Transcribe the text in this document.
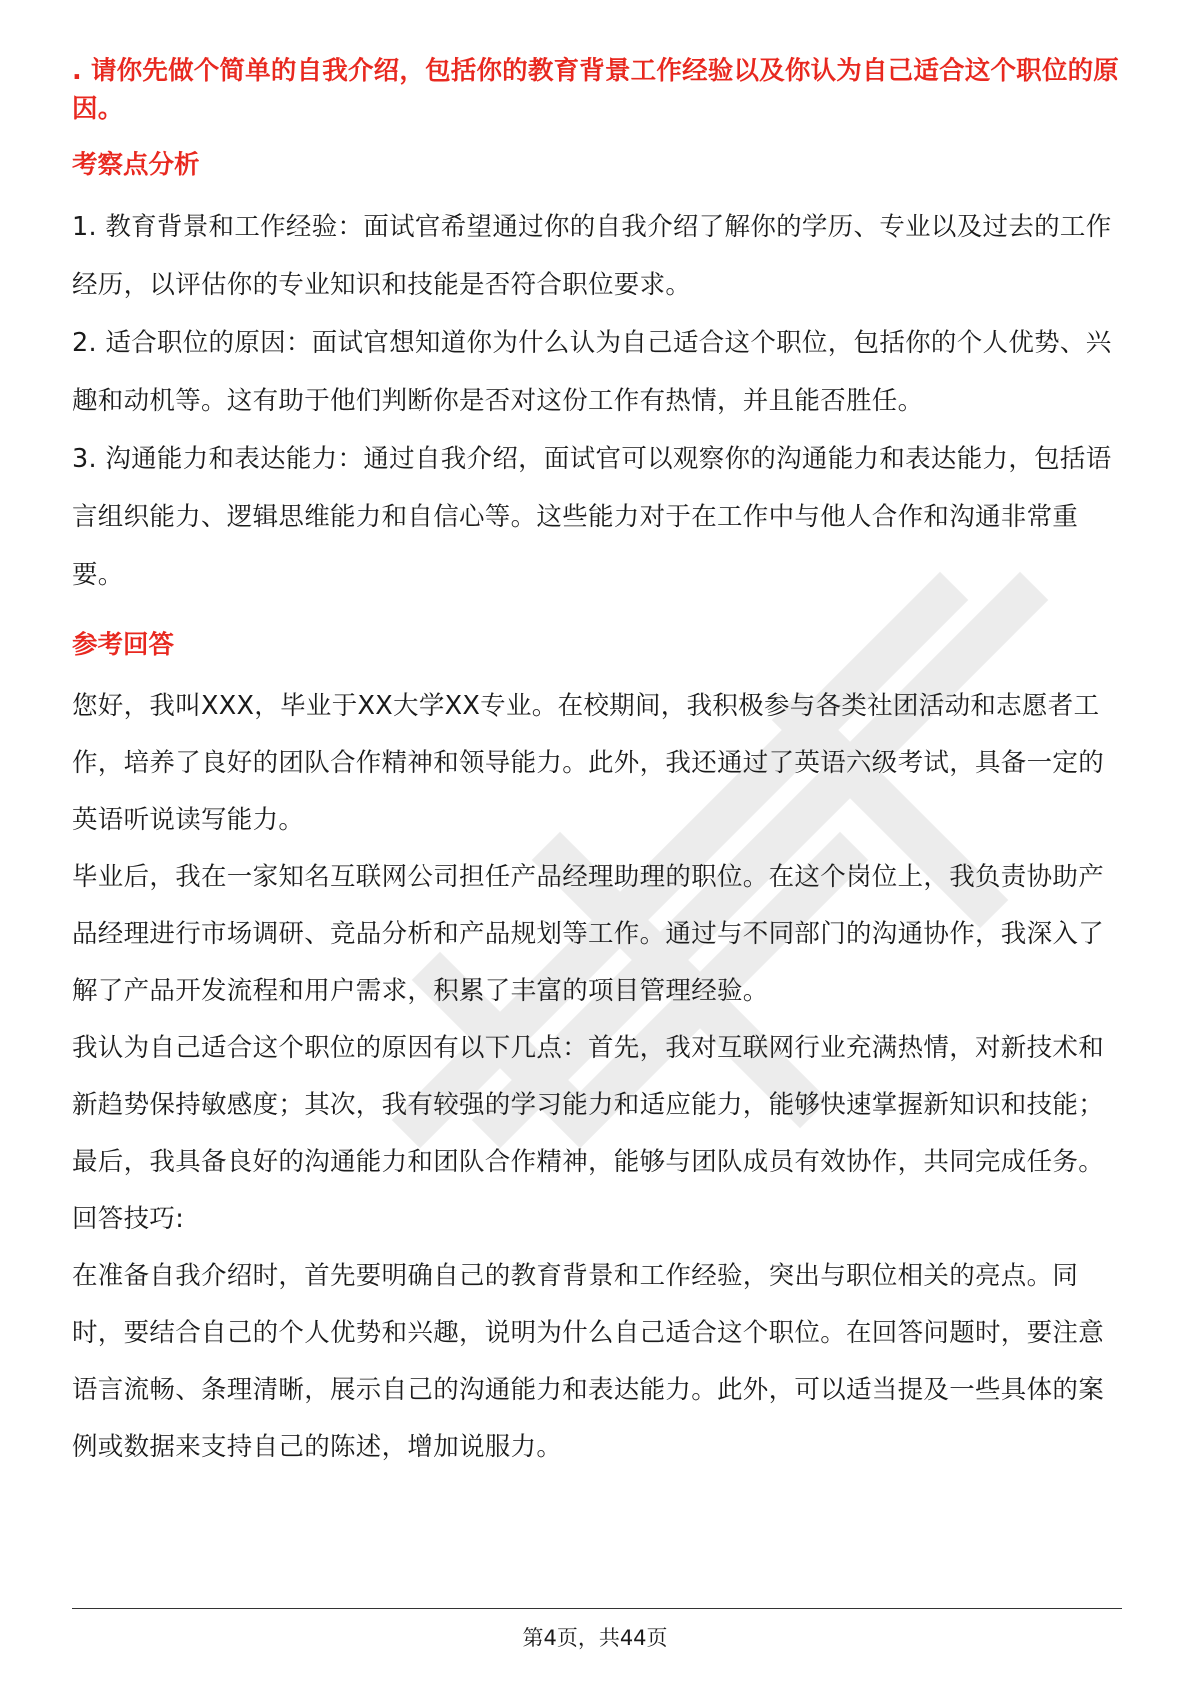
. 请你先做个简单的自我介绍，包括你的教育背景工作经验以及你认为自己适合这个职位的原因。

考察点分析

1. 教育背景和工作经验：面试官希望通过你的自我介绍了解你的学历、专业以及过去的工作经历，以评估你的专业知识和技能是否符合职位要求。

2. 适合职位的原因：面试官想知道你为什么认为自己适合这个职位，包括你的个人优势、兴趣和动机等。这有助于他们判断你是否对这份工作有热情，并且能否胜任。

3. 沟通能力和表达能力：通过自我介绍，面试官可以观察你的沟通能力和表达能力，包括语言组织能力、逻辑思维能力和自信心等。这些能力对于在工作中与他人合作和沟通非常重要。

参考回答

您好，我叫XXX，毕业于XX大学XX专业。在校期间，我积极参与各类社团活动和志愿者工作，培养了良好的团队合作精神和领导能力。此外，我还通过了英语六级考试，具备一定的英语听说读写能力。

毕业后，我在一家知名互联网公司担任产品经理助理的职位。在这个岗位上，我负责协助产品经理进行市场调研、竞品分析和产品规划等工作。通过与不同部门的沟通协作，我深入了解了产品开发流程和用户需求，积累了丰富的项目管理经验。

我认为自己适合这个职位的原因有以下几点：首先，我对互联网行业充满热情，对新技术和新趋势保持敏感度；其次，我有较强的学习能力和适应能力，能够快速掌握新知识和技能；最后，我具备良好的沟通能力和团队合作精神，能够与团队成员有效协作，共同完成任务。

回答技巧:

在准备自我介绍时，首先要明确自己的教育背景和工作经验，突出与职位相关的亮点。同时，要结合自己的个人优势和兴趣，说明为什么自己适合这个职位。在回答问题时，要注意语言流畅、条理清晰，展示自己的沟通能力和表达能力。此外，可以适当提及一些具体的案例或数据来支持自己的陈述，增加说服力。

第4页，共44页
